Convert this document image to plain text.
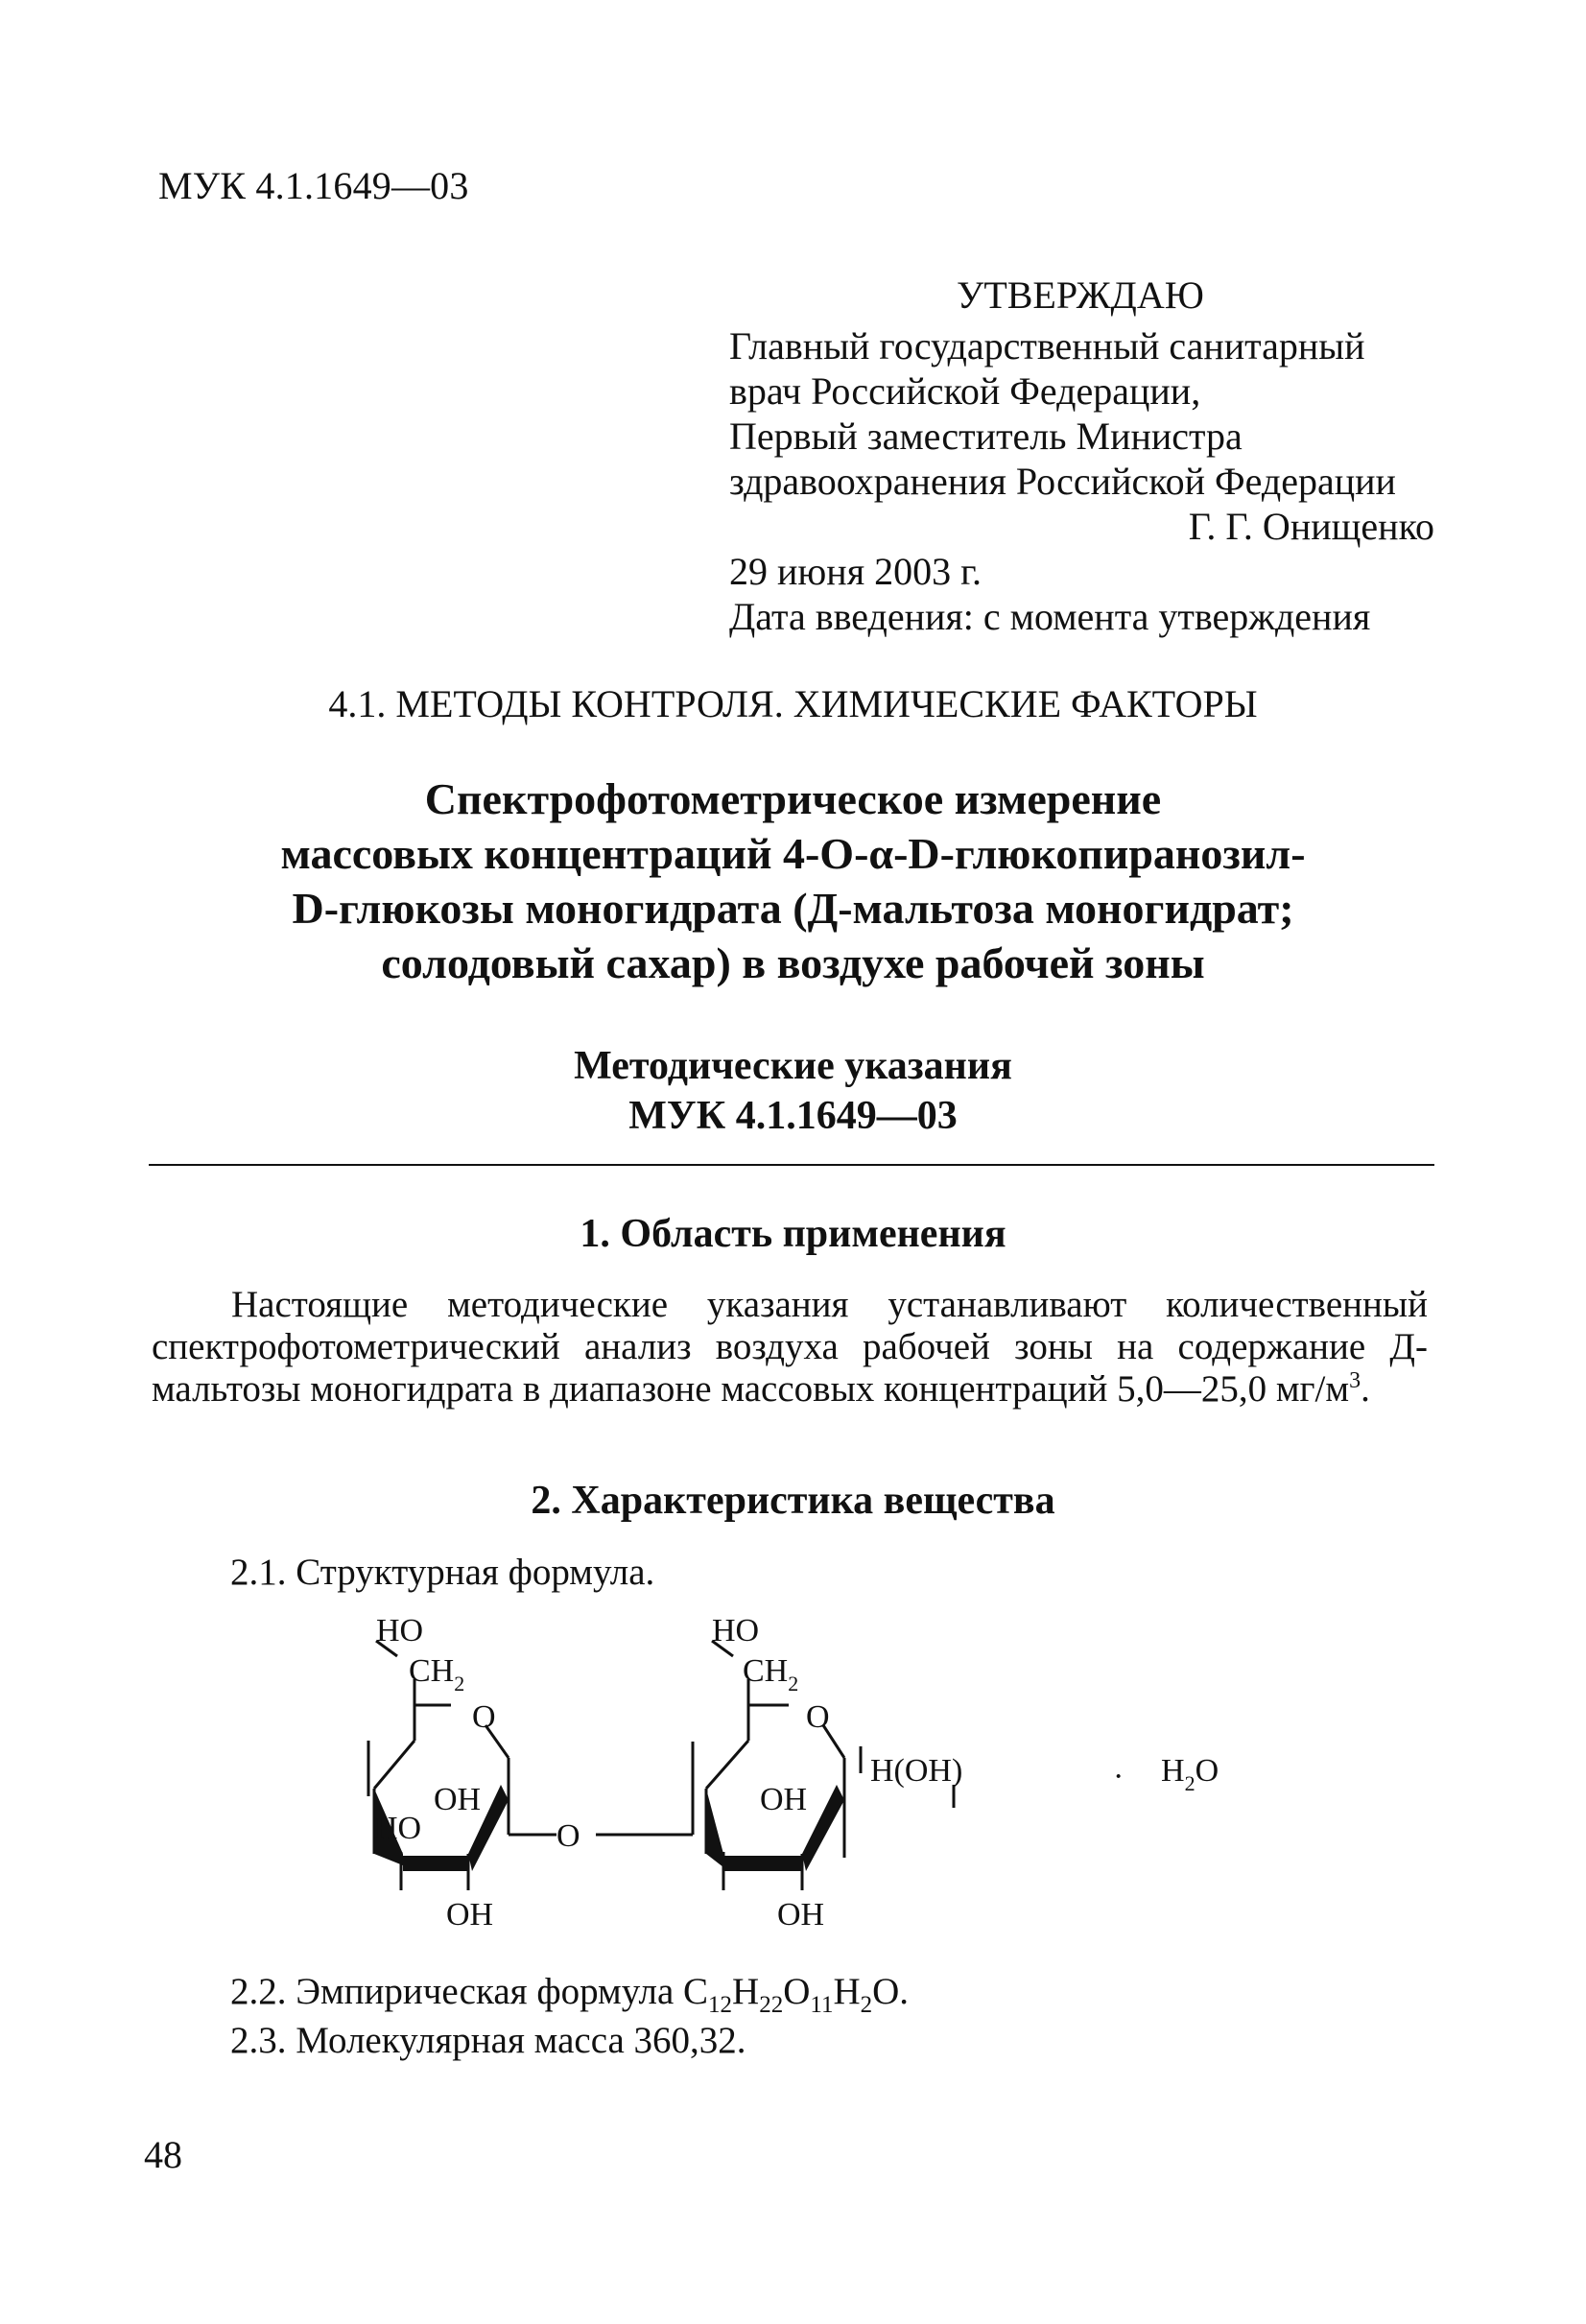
МУК 4.1.1649—03
УТВЕРЖДАЮ
Главный государственный санитарный
врач Российской Федерации,
Первый заместитель Министра
здравоохранения Российской Федерации
Г. Г. Онищенко
29 июня 2003 г.
Дата введения: с момента утверждения
4.1. МЕТОДЫ КОНТРОЛЯ. ХИМИЧЕСКИЕ ФАКТОРЫ
Спектрофотометрическое измерение
массовых концентраций 4-О-α-D-глюкопиранозил-
D-глюкозы моногидрата (Д-мальтоза моногидрат;
солодовый сахар) в воздухе рабочей зоны
Методические указания
МУК 4.1.1649—03
1. Область применения
Настоящие методические указания устанавливают количественный спектрофотометрический анализ воздуха рабочей зоны на содержание Д-мальтозы моногидрата в диапазоне массовых концентраций 5,0—25,0 $мг/м^3$.
2. Характеристика вещества
2.1. Структурная формула.
HO
$CH_2$
O
OH
HO	O
OH
HO
$CH_2$
O
OH
OH
H(OH)	· $H_2O$
2.2. Эмпирическая формула $C_{12}H_{22}O_{11}H_2O$.
2.3. Молекулярная масса 360,32.
48
